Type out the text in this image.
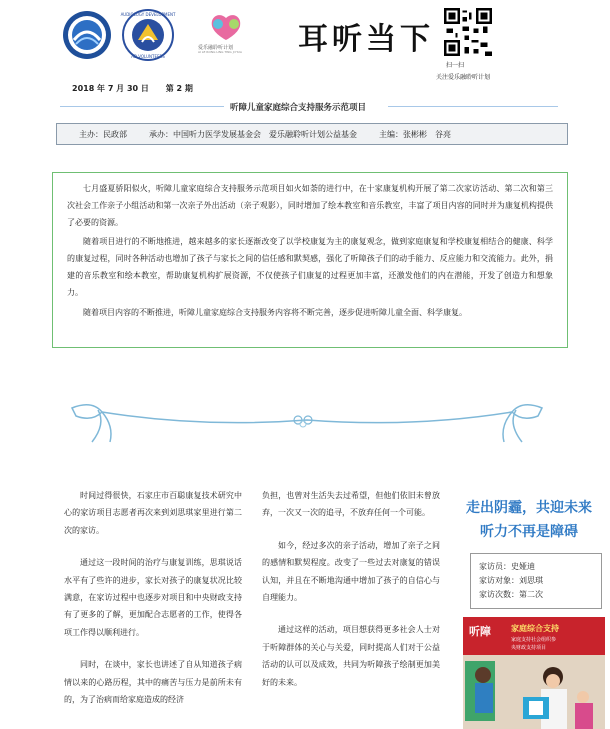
AUDIOLOGY DEVELOPMENT
AD VOLUNTEERS
爱乐融聆听计划
AI LE RONG LING TING JI HUA 耳听当下
扫一扫
关注爱乐融聆听计划
2018 年 7 月 30 日 第 2 期
听障儿童家庭综合支持服务示范项目
主办：民政部	承办：中国听力医学发展基金会　爱乐融聆听计划公益基金	主编：张彬彬　谷亮

七月盛夏骄阳似火，听障儿童家庭综合支持服务示范项目如火如荼的进行中，在十家康复机构开展了第二次家访活动、第二次和第三次社会工作亲子小组活动和第一次亲子外出活动（亲子观影），同时增加了绘本教室和音乐教室，丰富了项目内容的同时并为康复机构提供了必要的资源。

随着项目进行的不断地推进，越来越多的家长逐渐改变了以学校康复为主的康复观念，做到家庭康复和学校康复相结合的健康、科学的康复过程，同时各种活动也增加了孩子与家长之间的信任感和默契感，强化了听障孩子们的动手能力、反应能力和交流能力。此外，捐建的音乐教室和绘本教室，帮助康复机构扩展资源，不仅使孩子们康复的过程更加丰富，还激发他们的内在潜能，开发了创造力和想象力。

随着项目内容的不断推进，听障儿童家庭综合支持服务内容将不断完善，逐步促进听障儿童全面、科学康复。

时间过得很快，石家庄市百聪康复技术研究中心的家访项目志愿者再次来到刘思琪家里进行第二次的家访。

通过这一段时间的治疗与康复训练，思琪说话水平有了些许的进步，家长对孩子的康复状况比较满意，在家访过程中也逐步对项目和中央财政支持有了更多的了解，更加配合志愿者的工作，使得各项工作得以顺利进行。

同时，在谈中，家长也讲述了自从知道孩子病情以来的心路历程，其中的痛苦与压力是前所未有的，为了治病而给家庭造成的经济

负担，也曾对生活失去过希望，但他们依旧未曾放弃，一次又一次的追寻，不放弃任何一个可能。

如今，经过多次的亲子活动，增加了亲子之间的感情和默契程度。改变了一些过去对康复的错误认知，并且在不断地沟通中增加了孩子的自信心与自理能力。

通过这样的活动，项目想获得更多社会人士对于听障群体的关心与关爱，同时提高人们对于公益活动的认可以及成效，共同为听障孩子绘制更加美好的未来。

走出阴霾，共迎未来
听力不再是障碍
家访员：史娅迪
家访对象：刘思琪
家访次数：第二次
听障	家庭综合支持
家庭支持社会组织参
央财政支持项目
